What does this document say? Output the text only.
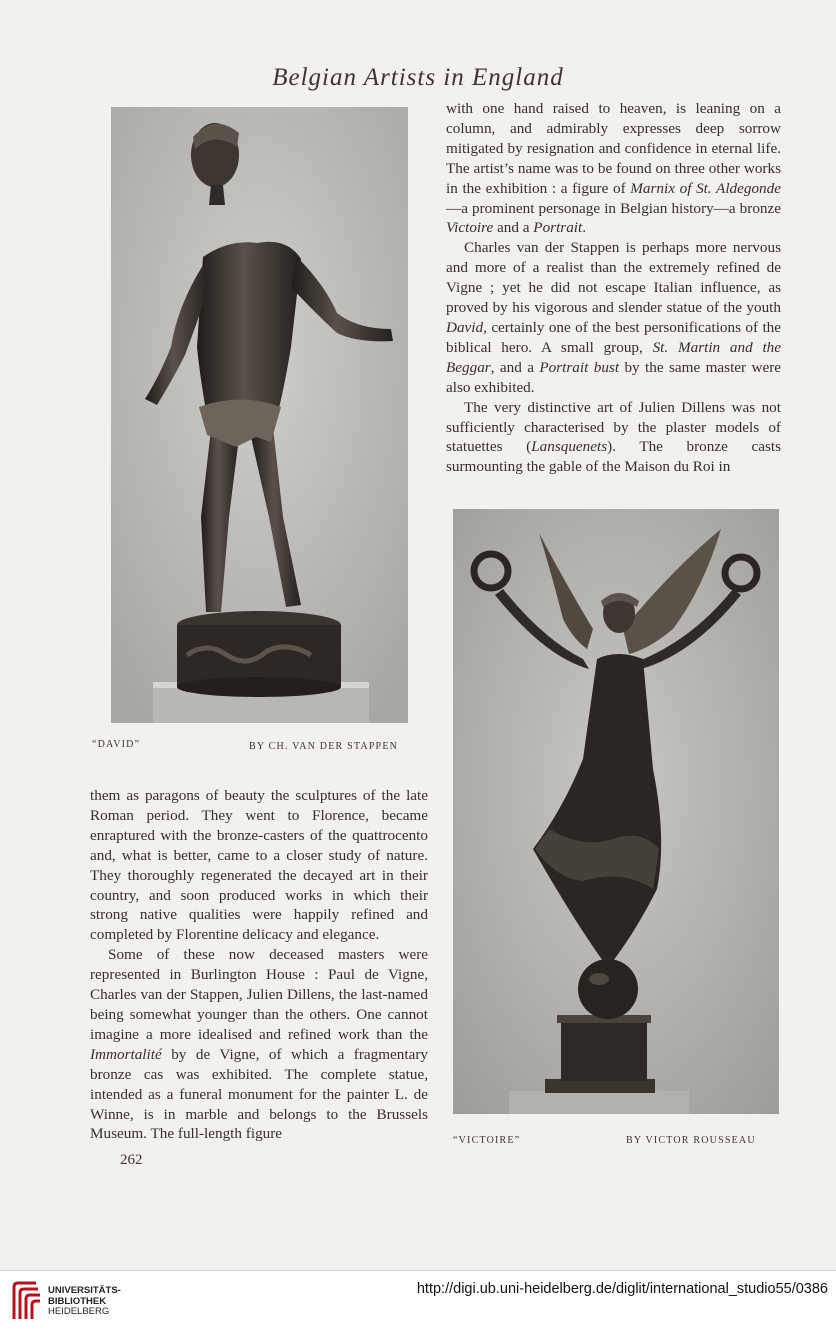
Belgian Artists in England
“DAVID”	BY CH. VAN DER STAPPEN

with one hand raised to heaven, is leaning on a column, and admirably expresses deep sorrow mitigated by resignation and confidence in eternal life. The artist’s name was to be found on three other works in the exhibition : a figure of Marnix of St. Aldegonde—a prominent personage in Belgian history—a bronze Victoire and a Portrait.

Charles van der Stappen is perhaps more nervous and more of a realist than the extremely refined de Vigne ; yet he did not escape Italian influence, as proved by his vigorous and slender statue of the youth David, certainly one of the best personifications of the biblical hero. A small group, St. Martin and the Beggar, and a Portrait bust by the same master were also exhibited.

The very distinctive art of Julien Dillens was not sufficiently characterised by the plaster models of statuettes (Lansquenets). The bronze casts surmounting the gable of the Maison du Roi in

“VICTOIRE”	BY VICTOR ROUSSEAU

them as paragons of beauty the sculptures of the late Roman period. They went to Florence, became enraptured with the bronze-casters of the quattrocento and, what is better, came to a closer study of nature. They thoroughly regenerated the decayed art in their country, and soon produced works in which their strong native qualities were happily refined and completed by Florentine delicacy and elegance.

Some of these now deceased masters were represented in Burlington House : Paul de Vigne, Charles van der Stappen, Julien Dillens, the last-named being somewhat younger than the others. One cannot imagine a more idealised and refined work than the Immortalité by de Vigne, of which a fragmentary bronze cas was exhibited. The complete statue, intended as a funeral monument for the painter L. de Winne, is in marble and belongs to the Brussels Museum. The full-length figure

262
UNIVERSITÄTS-
BIBLIOTHEK
HEIDELBERG
http://digi.ub.uni-heidelberg.de/diglit/international_studio55/0386
